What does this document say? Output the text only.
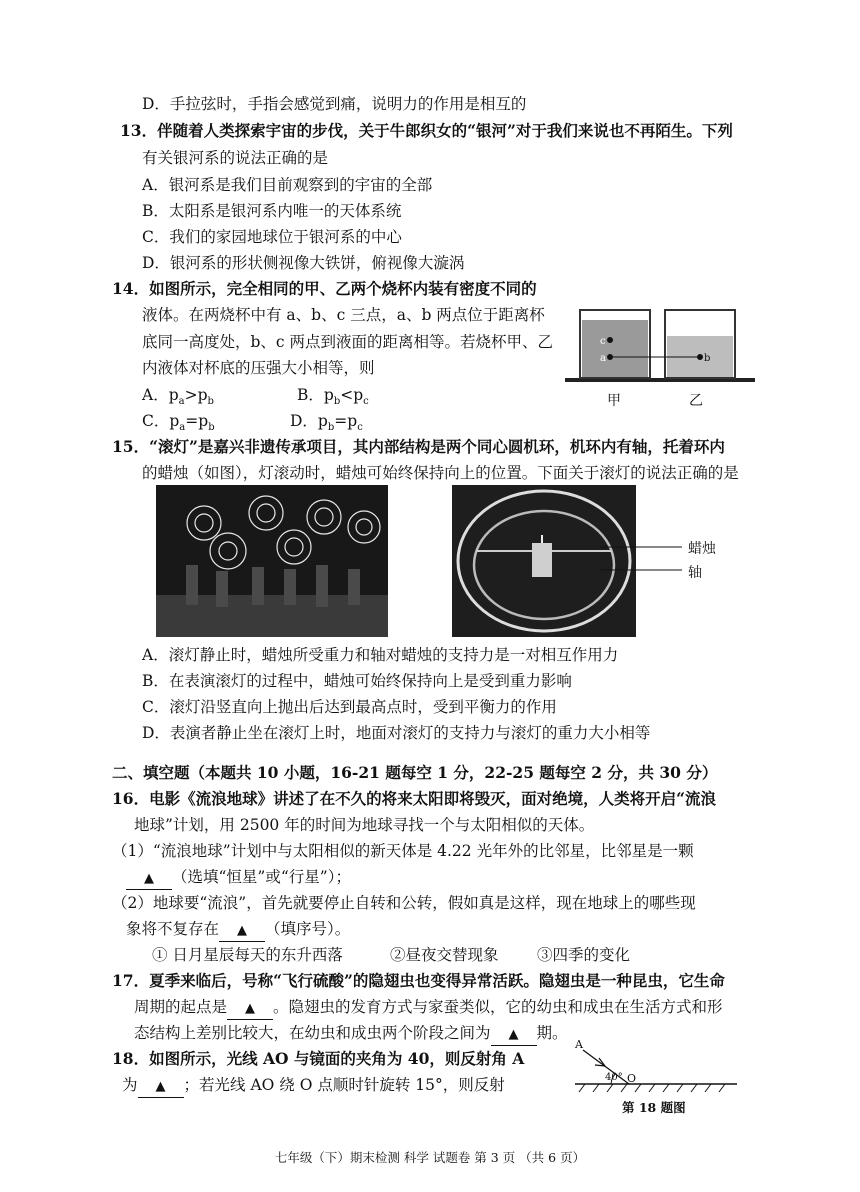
D．手拉弦时，手指会感觉到痛，说明力的作用是相互的
13．伴随着人类探索宇宙的步伐，关于牛郎织女的“银河”对于我们来说也不再陌生。下列
有关银河系的说法正确的是
A．银河系是我们目前观察到的宇宙的全部
B．太阳系是银河系内唯一的天体系统
C．我们的家园地球位于银河系的中心
D．银河系的形状侧视像大铁饼，俯视像大漩涡
14．如图所示，完全相同的甲、乙两个烧杯内装有密度不同的
液体。在两烧杯中有 a、b、c 三点，a、b 两点位于距离杯
底同一高度处，b、c 两点到液面的距离相等。若烧杯甲、乙
内液体对杯底的压强大小相等，则
A．$p_a>p_b$	B．$p_b<p_c$
C．$p_a=p_b$	D．$p_b=p_c$
c
a	b
甲	乙
15．“滚灯”是嘉兴非遗传承项目，其内部结构是两个同心圆机环，机环内有轴，托着环内
的蜡烛（如图），灯滚动时，蜡烛可始终保持向上的位置。下面关于滚灯的说法正确的是
蜡烛
轴
A．滚灯静止时，蜡烛所受重力和轴对蜡烛的支持力是一对相互作用力
B．在表演滚灯的过程中，蜡烛可始终保持向上是受到重力影响
C．滚灯沿竖直向上抛出后达到最高点时，受到平衡力的作用
D．表演者静止坐在滚灯上时，地面对滚灯的支持力与滚灯的重力大小相等
二、填空题（本题共 10 小题，16-21 题每空 1 分，22-25 题每空 2 分，共 30 分）
16．电影《流浪地球》讲述了在不久的将来太阳即将毁灭，面对绝境，人类将开启“流浪
地球”计划，用 2500 年的时间为地球寻找一个与太阳相似的天体。
（1）“流浪地球”计划中与太阳相似的新天体是 4.22 光年外的比邻星，比邻星是一颗
▲ （选填“恒星”或“行星”）；
（2）地球要“流浪”，首先就要停止自转和公转，假如真是这样，现在地球上的哪些现
象将不复存在 ▲ （填序号）。
① 日月星辰每天的东升西落	②昼夜交替现象 ③四季的变化
17．夏季来临后，号称“飞行硫酸”的隐翅虫也变得异常活跃。隐翅虫是一种昆虫，它生命
周期的起点是 ▲ 。隐翅虫的发育方式与家蚕类似，它的幼虫和成虫在生活方式和形
态结构上差别比较大，在幼虫和成虫两个阶段之间为 ▲ 期。
18．如图所示，光线 AO 与镜面的夹角为 40，则反射角 A
为 ▲ ；若光线 AO 绕 O 点顺时针旋转 15°，则反射
A
O
40°
第 18 题图
七年级（下）期末检测 科学 试题卷 第 3 页 （共 6 页）
